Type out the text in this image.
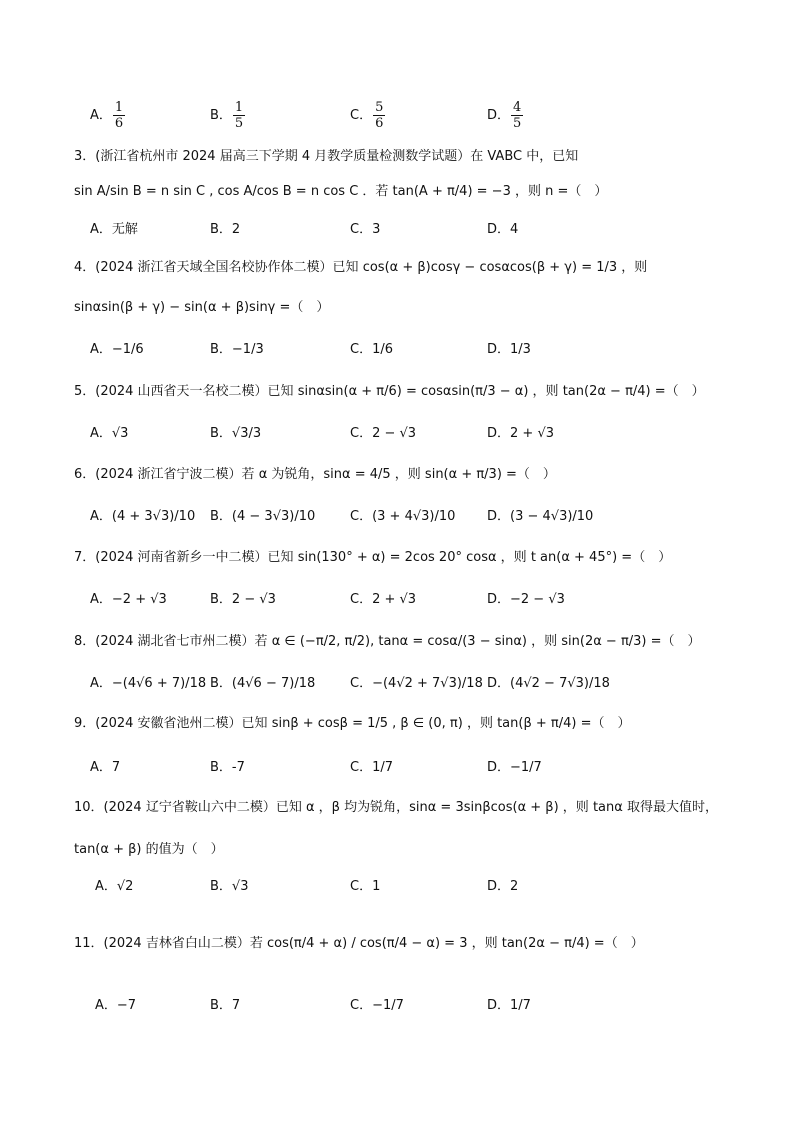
A． $\frac{1}{6}$	B． $\frac{1}{5}$	C． $\frac{5}{6}$	D． $\frac{4}{5}$
3．(浙江省杭州市 2024 届高三下学期 4 月教学质量检测数学试题）在 VABC 中，已知
sin A/sin B = n sin C , cos A/cos B = n cos C ．若 tan(A + π/4) = −3 ，则 n =（　）
A．无解	B．2	C．3	D．4
4．(2024 浙江省天域全国名校协作体二模）已知 cos(α + β)cosγ − cosαcos(β + γ) = 1/3 ，则
sinαsin(β + γ) − sin(α + β)sinγ =（　）
A．−1/6	B．−1/3	C．1/6	D．1/3
5．(2024 山西省天一名校二模）已知 sinαsin(α + π/6) = cosαsin(π/3 − α) ，则 tan(2α − π/4) =（　）
A．√3	B．√3/3	C．2 − √3	D．2 + √3
6．(2024 浙江省宁波二模）若 α 为锐角，sinα = 4/5 ，则 sin(α + π/3) =（　）
A．(4 + 3√3)/10 B．(4 − 3√3)/10	C．(3 + 4√3)/10 D．(3 − 4√3)/10
7．(2024 河南省新乡一中二模）已知 sin(130° + α) = 2cos 20° cosα ，则 t an(α + 45°) =（　）
A．−2 + √3	B．2 − √3	C．2 + √3	D．−2 − √3
8．(2024 湖北省七市州二模）若 α ∈ (−π/2, π/2), tanα = cosα/(3 − sinα) ，则 sin(2α − π/3) =（　）
A．−(4√6 + 7)/18 B．(4√6 − 7)/18	C．−(4√2 + 7√3)/18 D．(4√2 − 7√3)/18
9．(2024 安徽省池州二模）已知 sinβ + cosβ = 1/5 , β ∈ (0, π) ，则 tan(β + π/4) =（　）
A．7	B．-7	C．1/7	D．−1/7
10．(2024 辽宁省鞍山六中二模）已知 α ，β 均为锐角，sinα = 3sinβcos(α + β) ，则 tanα 取得最大值时，
tan(α + β) 的值为（　）
A．√2	B．√3	C．1	D．2
11．(2024 吉林省白山二模）若 cos(π/4 + α) / cos(π/4 − α) = 3 ，则 tan(2α − π/4) =（　）
A．−7	B．7	C．−1/7	D．1/7
